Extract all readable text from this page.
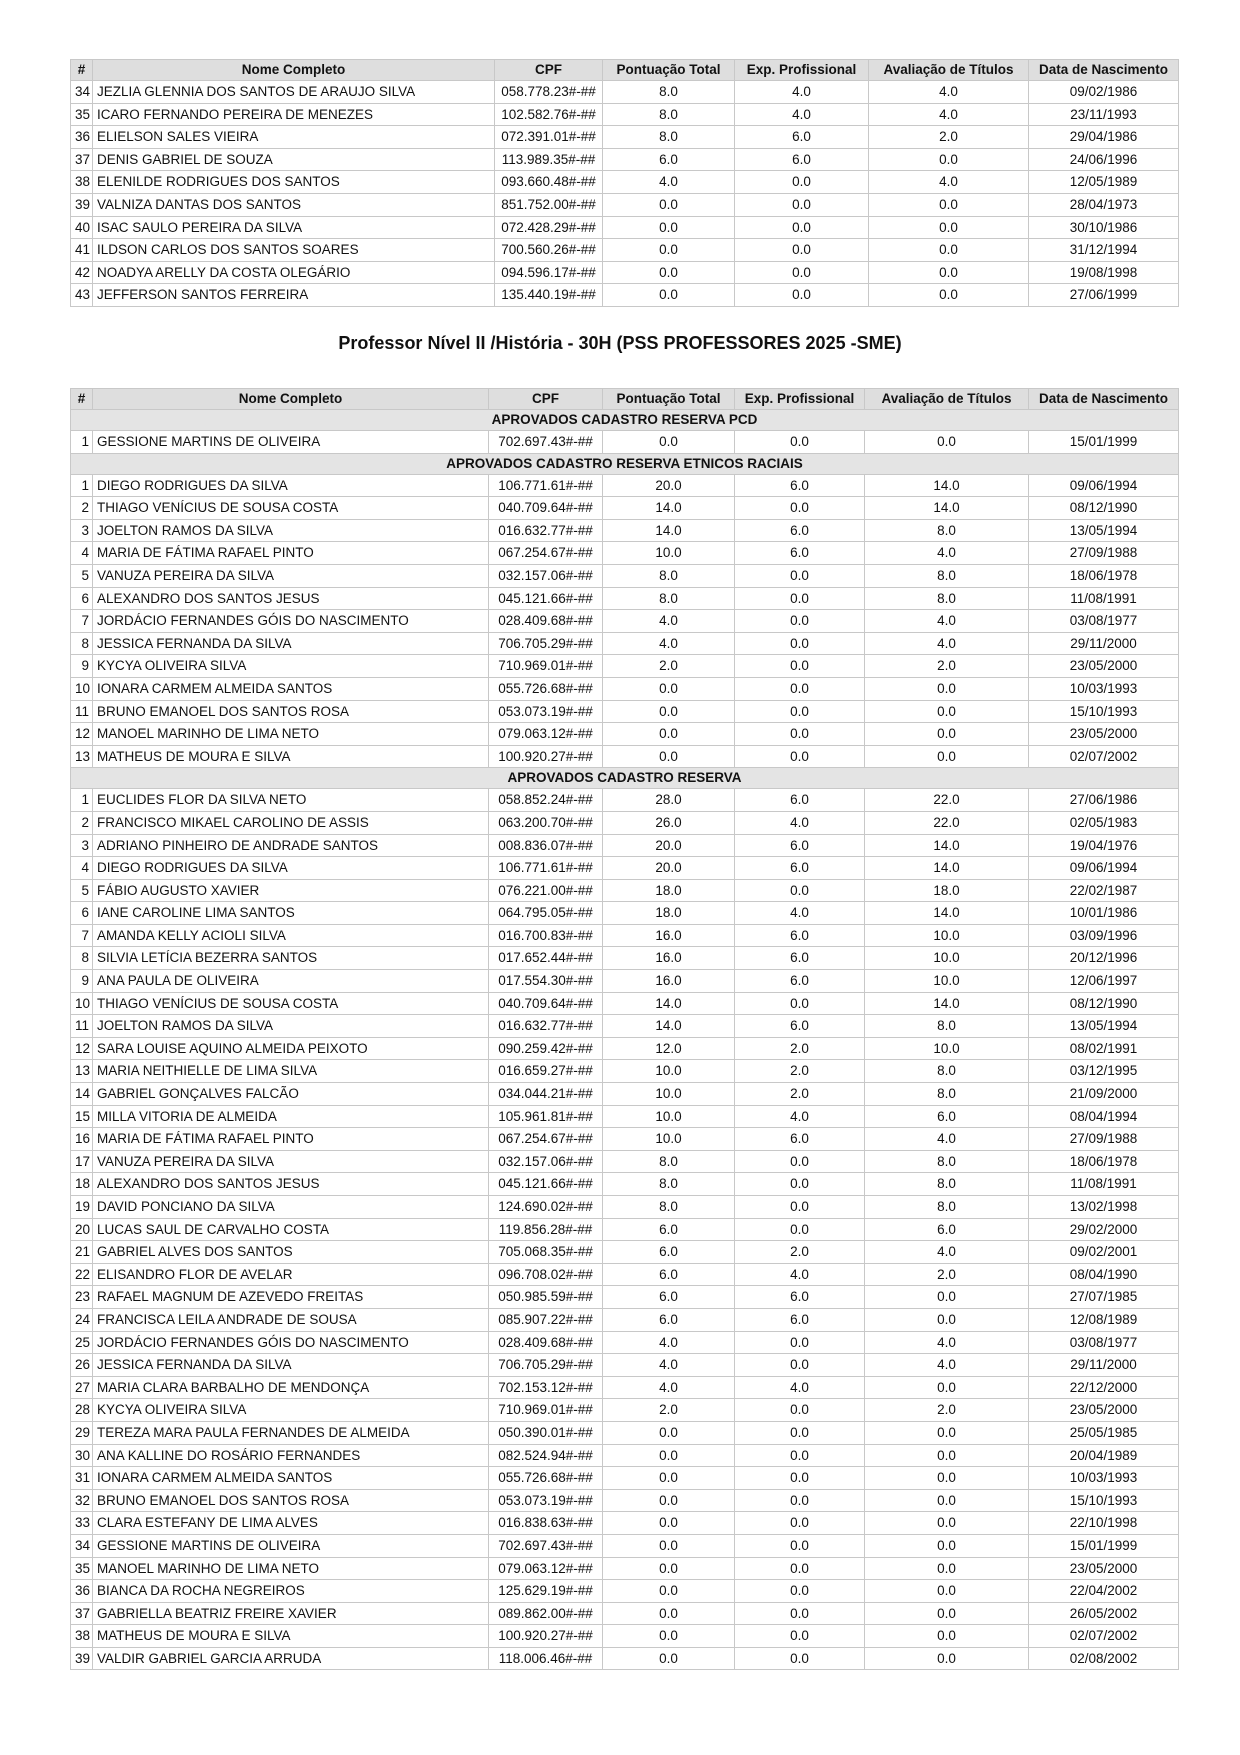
#	Nome Completo	CPF	Pontuação Total	Exp. Profissional	Avaliação de Títulos	Data de Nascimento
34	JEZLIA GLENNIA DOS SANTOS DE ARAUJO SILVA	058.778.23#-##	8.0	4.0	4.0	09/02/1986
35	ICARO FERNANDO PEREIRA DE MENEZES	102.582.76#-##	8.0	4.0	4.0	23/11/1993
36	ELIELSON SALES VIEIRA	072.391.01#-##	8.0	6.0	2.0	29/04/1986
37	DENIS GABRIEL DE SOUZA	113.989.35#-##	6.0	6.0	0.0	24/06/1996
38	ELENILDE RODRIGUES DOS SANTOS	093.660.48#-##	4.0	0.0	4.0	12/05/1989
39	VALNIZA DANTAS DOS SANTOS	851.752.00#-##	0.0	0.0	0.0	28/04/1973
40	ISAC SAULO PEREIRA DA SILVA	072.428.29#-##	0.0	0.0	0.0	30/10/1986
41	ILDSON CARLOS DOS SANTOS SOARES	700.560.26#-##	0.0	0.0	0.0	31/12/1994
42	NOADYA ARELLY DA COSTA OLEGÁRIO	094.596.17#-##	0.0	0.0	0.0	19/08/1998
43	JEFFERSON SANTOS FERREIRA	135.440.19#-##	0.0	0.0	0.0	27/06/1999
Professor Nível II /História - 30H (PSS PROFESSORES 2025 -SME)
#	Nome Completo	CPF	Pontuação Total	Exp. Profissional	Avaliação de Títulos	Data de Nascimento
APROVADOS CADASTRO RESERVA PCD						
1	GESSIONE MARTINS DE OLIVEIRA	702.697.43#-##	0.0	0.0	0.0	15/01/1999
APROVADOS CADASTRO RESERVA ETNICOS RACIAIS						
1	DIEGO RODRIGUES DA SILVA	106.771.61#-##	20.0	6.0	14.0	09/06/1994
2	THIAGO VENÍCIUS DE SOUSA COSTA	040.709.64#-##	14.0	0.0	14.0	08/12/1990
3	JOELTON RAMOS DA SILVA	016.632.77#-##	14.0	6.0	8.0	13/05/1994
4	MARIA DE FÁTIMA RAFAEL PINTO	067.254.67#-##	10.0	6.0	4.0	27/09/1988
5	VANUZA PEREIRA DA SILVA	032.157.06#-##	8.0	0.0	8.0	18/06/1978
6	ALEXANDRO DOS SANTOS JESUS	045.121.66#-##	8.0	0.0	8.0	11/08/1991
7	JORDÁCIO FERNANDES GÓIS DO NASCIMENTO	028.409.68#-##	4.0	0.0	4.0	03/08/1977
8	JESSICA FERNANDA DA SILVA	706.705.29#-##	4.0	0.0	4.0	29/11/2000
9	KYCYA OLIVEIRA SILVA	710.969.01#-##	2.0	0.0	2.0	23/05/2000
10	IONARA CARMEM ALMEIDA SANTOS	055.726.68#-##	0.0	0.0	0.0	10/03/1993
11	BRUNO EMANOEL DOS SANTOS ROSA	053.073.19#-##	0.0	0.0	0.0	15/10/1993
12	MANOEL MARINHO DE LIMA NETO	079.063.12#-##	0.0	0.0	0.0	23/05/2000
13	MATHEUS DE MOURA E SILVA	100.920.27#-##	0.0	0.0	0.0	02/07/2002
APROVADOS CADASTRO RESERVA						
1	EUCLIDES FLOR DA SILVA NETO	058.852.24#-##	28.0	6.0	22.0	27/06/1986
2	FRANCISCO MIKAEL CAROLINO DE ASSIS	063.200.70#-##	26.0	4.0	22.0	02/05/1983
3	ADRIANO PINHEIRO DE ANDRADE SANTOS	008.836.07#-##	20.0	6.0	14.0	19/04/1976
4	DIEGO RODRIGUES DA SILVA	106.771.61#-##	20.0	6.0	14.0	09/06/1994
5	FÁBIO AUGUSTO XAVIER	076.221.00#-##	18.0	0.0	18.0	22/02/1987
6	IANE CAROLINE LIMA SANTOS	064.795.05#-##	18.0	4.0	14.0	10/01/1986
7	AMANDA KELLY ACIOLI SILVA	016.700.83#-##	16.0	6.0	10.0	03/09/1996
8	SILVIA LETÍCIA BEZERRA SANTOS	017.652.44#-##	16.0	6.0	10.0	20/12/1996
9	ANA PAULA DE OLIVEIRA	017.554.30#-##	16.0	6.0	10.0	12/06/1997
10	THIAGO VENÍCIUS DE SOUSA COSTA	040.709.64#-##	14.0	0.0	14.0	08/12/1990
11	JOELTON RAMOS DA SILVA	016.632.77#-##	14.0	6.0	8.0	13/05/1994
12	SARA LOUISE AQUINO ALMEIDA PEIXOTO	090.259.42#-##	12.0	2.0	10.0	08/02/1991
13	MARIA NEITHIELLE DE LIMA SILVA	016.659.27#-##	10.0	2.0	8.0	03/12/1995
14	GABRIEL GONÇALVES FALCÃO	034.044.21#-##	10.0	2.0	8.0	21/09/2000
15	MILLA VITORIA DE ALMEIDA	105.961.81#-##	10.0	4.0	6.0	08/04/1994
16	MARIA DE FÁTIMA RAFAEL PINTO	067.254.67#-##	10.0	6.0	4.0	27/09/1988
17	VANUZA PEREIRA DA SILVA	032.157.06#-##	8.0	0.0	8.0	18/06/1978
18	ALEXANDRO DOS SANTOS JESUS	045.121.66#-##	8.0	0.0	8.0	11/08/1991
19	DAVID PONCIANO DA SILVA	124.690.02#-##	8.0	0.0	8.0	13/02/1998
20	LUCAS SAUL DE CARVALHO COSTA	119.856.28#-##	6.0	0.0	6.0	29/02/2000
21	GABRIEL ALVES DOS SANTOS	705.068.35#-##	6.0	2.0	4.0	09/02/2001
22	ELISANDRO FLOR DE AVELAR	096.708.02#-##	6.0	4.0	2.0	08/04/1990
23	RAFAEL MAGNUM DE AZEVEDO FREITAS	050.985.59#-##	6.0	6.0	0.0	27/07/1985
24	FRANCISCA LEILA ANDRADE DE SOUSA	085.907.22#-##	6.0	6.0	0.0	12/08/1989
25	JORDÁCIO FERNANDES GÓIS DO NASCIMENTO	028.409.68#-##	4.0	0.0	4.0	03/08/1977
26	JESSICA FERNANDA DA SILVA	706.705.29#-##	4.0	0.0	4.0	29/11/2000
27	MARIA CLARA BARBALHO DE MENDONÇA	702.153.12#-##	4.0	4.0	0.0	22/12/2000
28	KYCYA OLIVEIRA SILVA	710.969.01#-##	2.0	0.0	2.0	23/05/2000
29	TEREZA MARA PAULA FERNANDES DE ALMEIDA	050.390.01#-##	0.0	0.0	0.0	25/05/1985
30	ANA KALLINE DO ROSÁRIO FERNANDES	082.524.94#-##	0.0	0.0	0.0	20/04/1989
31	IONARA CARMEM ALMEIDA SANTOS	055.726.68#-##	0.0	0.0	0.0	10/03/1993
32	BRUNO EMANOEL DOS SANTOS ROSA	053.073.19#-##	0.0	0.0	0.0	15/10/1993
33	CLARA ESTEFANY DE LIMA ALVES	016.838.63#-##	0.0	0.0	0.0	22/10/1998
34	GESSIONE MARTINS DE OLIVEIRA	702.697.43#-##	0.0	0.0	0.0	15/01/1999
35	MANOEL MARINHO DE LIMA NETO	079.063.12#-##	0.0	0.0	0.0	23/05/2000
36	BIANCA DA ROCHA NEGREIROS	125.629.19#-##	0.0	0.0	0.0	22/04/2002
37	GABRIELLA BEATRIZ FREIRE XAVIER	089.862.00#-##	0.0	0.0	0.0	26/05/2002
38	MATHEUS DE MOURA E SILVA	100.920.27#-##	0.0	0.0	0.0	02/07/2002
39	VALDIR GABRIEL GARCIA ARRUDA	118.006.46#-##	0.0	0.0	0.0	02/08/2002
